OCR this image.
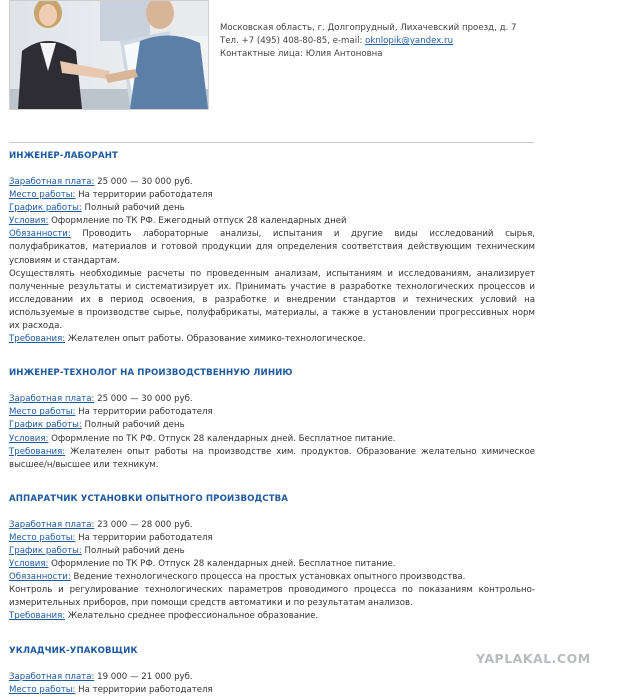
Московская область, г. Долгопрудный, Лихачевский проезд, д. 7
Тел. +7 (495) 408-80-85, e-mail: oknlopik@yandex.ru
Контактные лица: Юлия Антоновна
ИНЖЕНЕР-ЛАБОРАНТ
Заработная плата: 25 000 — 30 000 руб.
Место работы: На территории работодателя
График работы: Полный рабочий день
Условия: Оформление по ТК РФ. Ежегодный отпуск 28 календарных дней
Обязанности: Проводить лабораторные анализы, испытания и другие виды исследований сырья, полуфабрикатов, материалов и готовой продукции для определения соответствия действующим техническим условиям и стандартам.
Осуществлять необходимые расчеты по проведенным анализам, испытаниям и исследованиям, анализирует полученные результаты и систематизирует их. Принимать участие в разработке технологических процессов и исследовании их в период освоения, в разработке и внедрении стандартов и технических условий на используемые в производстве сырье, полуфабрикаты, материалы, а также в установлении прогрессивных норм их расхода.
Требования: Желателен опыт работы. Образование химико-технологическое.
ИНЖЕНЕР-ТЕХНОЛОГ НА ПРОИЗВОДСТВЕННУЮ ЛИНИЮ
Заработная плата: 25 000 — 30 000 руб.
Место работы: На территории работодателя
График работы: Полный рабочий день
Условия: Оформление по ТК РФ. Отпуск 28 календарных дней. Бесплатное питание.
Требования: Желателен опыт работы на производстве хим. продуктов. Образование желательно химическое высшее/н/высшее или техникум.
АППАРАТЧИК УСТАНОВКИ ОПЫТНОГО ПРОИЗВОДСТВА
Заработная плата: 23 000 — 28 000 руб.
Место работы: На территории работодателя
График работы: Полный рабочий день
Условия: Оформление по ТК РФ. Отпуск 28 календарных дней. Бесплатное питание.
Обязанности: Ведение технологического процесса на простых установках опытного производства.
Контроль и регулирование технологических параметров проводимого процесса по показаниям контрольно-измерительных приборов, при помощи средств автоматики и по результатам анализов.
Требования: Желательно среднее профессиональное образование.
УКЛАДЧИК-УПАКОВЩИК
Заработная плата: 19 000 — 21 000 руб.
Место работы: На территории работодателя
YAPLAKAL.COM
